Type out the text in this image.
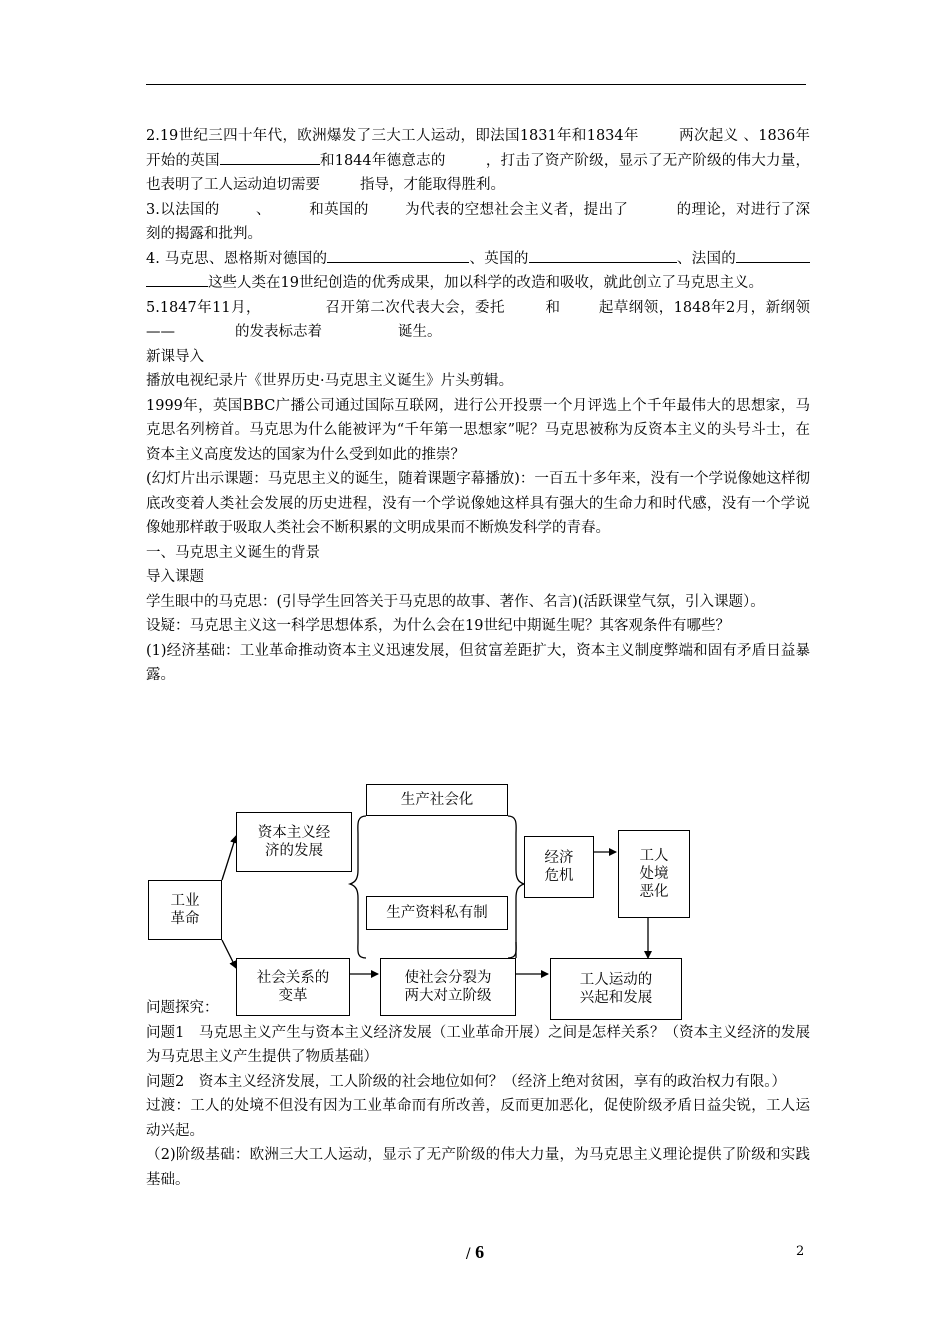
2.19世纪三四十年代，欧洲爆发了三大工人运动，即法国1831年和1834年	两次起义 、1836年开始的英国	和1844年德意志的	，打击了资产阶级，显示了无产阶级的伟大力量，也表明了工人运动迫切需要	指导，才能取得胜利。

3.以法国的 、	和英国的 为代表的空想社会主义者，提出了	的理论，对进行了深刻的揭露和批判。

4. 马克思、恩格斯对德国的	、英国的	、法国的这些人类在19世纪创造的优秀成果，加以科学的改造和吸收，就此创立了马克思主义。

5.1847年11月，	召开第二次代表大会，委托	和	起草纲领，1848年2月，新纲领——	的发表标志着	诞生。

新课导入

播放电视纪录片《世界历史·马克思主义诞生》片头剪辑。

1999年，英国BBC广播公司通过国际互联网，进行公开投票一个月评选上个千年最伟大的思想家，马克思名列榜首。马克思为什么能被评为“千年第一思想家”呢？马克思被称为反资本主义的头号斗士，在资本主义高度发达的国家为什么受到如此的推崇？

(幻灯片出示课题：马克思主义的诞生，随着课题字幕播放)：一百五十多年来，没有一个学说像她这样彻底改变着人类社会发展的历史进程，没有一个学说像她这样具有强大的生命力和时代感，没有一个学说像她那样敢于吸取人类社会不断积累的文明成果而不断焕发科学的青春。

一、马克思主义诞生的背景

导入课题

学生眼中的马克思：(引导学生回答关于马克思的故事、著作、名言)(活跃课堂气氛，引入课题）。

设疑：马克思主义这一科学思想体系，为什么会在19世纪中期诞生呢？其客观条件有哪些？

(1)经济基础：工业革命推动资本主义迅速发展，但贫富差距扩大，资本主义制度弊端和固有矛盾日益暴露。

工业
革命
资本主义经
济的发展
社会关系的
变革
生产社会化
生产资料私有制
经济
危机
工人
处境
恶化
使社会分裂为
两大对立阶级
工人运动的
兴起和发展

问题探究：

问题1　马克思主义产生与资本主义经济发展（工业革命开展）之间是怎样关系？（资本主义经济的发展为马克思主义产生提供了物质基础）

问题2　资本主义经济发展，工人阶级的社会地位如何？（经济上绝对贫困，享有的政治权力有限。）

过渡：工人的处境不但没有因为工业革命而有所改善，反而更加恶化，促使阶级矛盾日益尖锐，工人运动兴起。

（2)阶级基础：欧洲三大工人运动，显示了无产阶级的伟大力量，为马克思主义理论提供了阶级和实践基础。

/ 6	2
